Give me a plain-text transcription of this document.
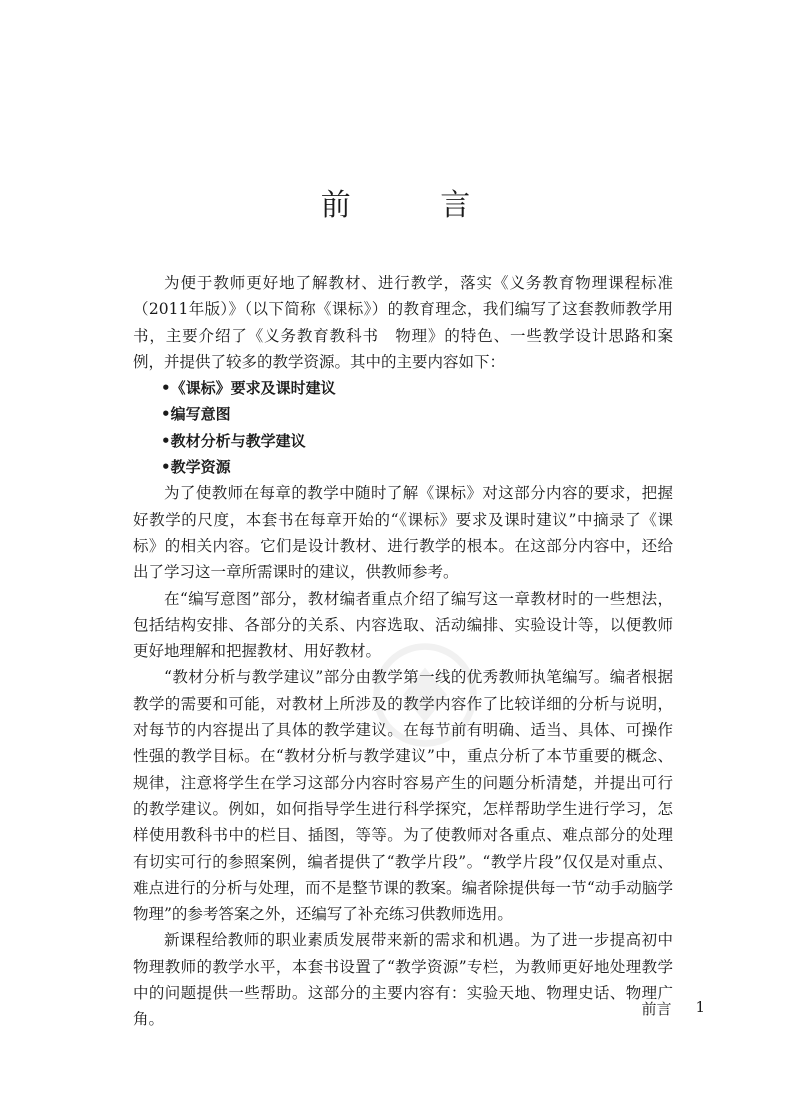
前 言

为便于教师更好地了解教材、进行教学，落实《义务教育物理课程标准（2011年版）》（以下简称《课标》）的教育理念，我们编写了这套教师教学用书，主要介绍了《义务教育教科书　物理》的特色、一些教学设计思路和案例，并提供了较多的教学资源。其中的主要内容如下：

•《课标》要求及课时建议
•编写意图
•教材分析与教学建议
•教学资源

为了使教师在每章的教学中随时了解《课标》对这部分内容的要求，把握好教学的尺度，本套书在每章开始的“《课标》要求及课时建议”中摘录了《课标》的相关内容。它们是设计教材、进行教学的根本。在这部分内容中，还给出了学习这一章所需课时的建议，供教师参考。

在“编写意图”部分，教材编者重点介绍了编写这一章教材时的一些想法，包括结构安排、各部分的关系、内容选取、活动编排、实验设计等，以便教师更好地理解和把握教材、用好教材。

“教材分析与教学建议”部分由教学第一线的优秀教师执笔编写。编者根据教学的需要和可能，对教材上所涉及的教学内容作了比较详细的分析与说明，对每节的内容提出了具体的教学建议。在每节前有明确、适当、具体、可操作性强的教学目标。在“教材分析与教学建议”中，重点分析了本节重要的概念、规律，注意将学生在学习这部分内容时容易产生的问题分析清楚，并提出可行的教学建议。例如，如何指导学生进行科学探究，怎样帮助学生进行学习，怎样使用教科书中的栏目、插图，等等。为了使教师对各重点、难点部分的处理有切实可行的参照案例，编者提供了“教学片段”。“教学片段”仅仅是对重点、难点进行的分析与处理，而不是整节课的教案。编者除提供每一节“动手动脑学物理”的参考答案之外，还编写了补充练习供教师选用。

新课程给教师的职业素质发展带来新的需求和机遇。为了进一步提高初中物理教师的教学水平，本套书设置了“教学资源”专栏，为教师更好地处理教学中的问题提供一些帮助。这部分的主要内容有：实验天地、物理史话、物理广角。

前言 1
